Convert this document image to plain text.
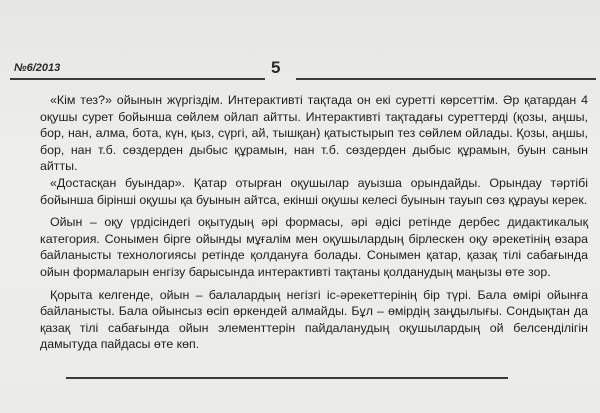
№6/2013	5

«Кім тез?» ойынын жүргіздім. Интерактивті тақтада он екі суретті көрсеттім. Әр қатардан 4 оқушы сурет бойынша сөйлем ойлап айтты. Интерактивті тақтадағы суреттерді (қозы, аңшы, бор, нан, алма, бота, күн, қыз, сүргі, ай, тышқан) қатыстырып тез сөйлем ойлады. Қозы, аңшы, бор, нан т.б. сөздерден дыбыс құрамын, нан т.б. сөздерден дыбыс құрамын, буын санын айтты.

«Достасқан буындар». Қатар отырған оқушылар ауызша орындайды. Орындау тәртібі бойынша бірінші оқушы қа буынын айтса, екінші оқушы келесі буынын тауып сөз құрауы керек.

Ойын – оқу үрдісіндегі оқытудың әрі формасы, әрі әдісі ретінде дербес дидактикалық категория. Сонымен бірге ойынды мұғалім мен оқушылардың бірлескен оқу әрекетінің өзара байланысты технологиясы ретінде қолдануға болады. Сонымен қатар, қазақ тілі сабағында ойын формаларын енгізу барысында интерактивті тақтаны қолданудың маңызы өте зор.

Қорыта келгенде, ойын – балалардың негізгі іс-әрекеттерінің бір түрі. Бала өмірі ойынға байланысты. Бала ойынсыз өсіп өркендей алмайды. Бұл – өмірдің заңдылығы. Сондықтан да қазақ тілі сабағында ойын элементтерін пайдаланудың оқушылардың ой белсенділігін дамытуда пайдасы өте көп.
